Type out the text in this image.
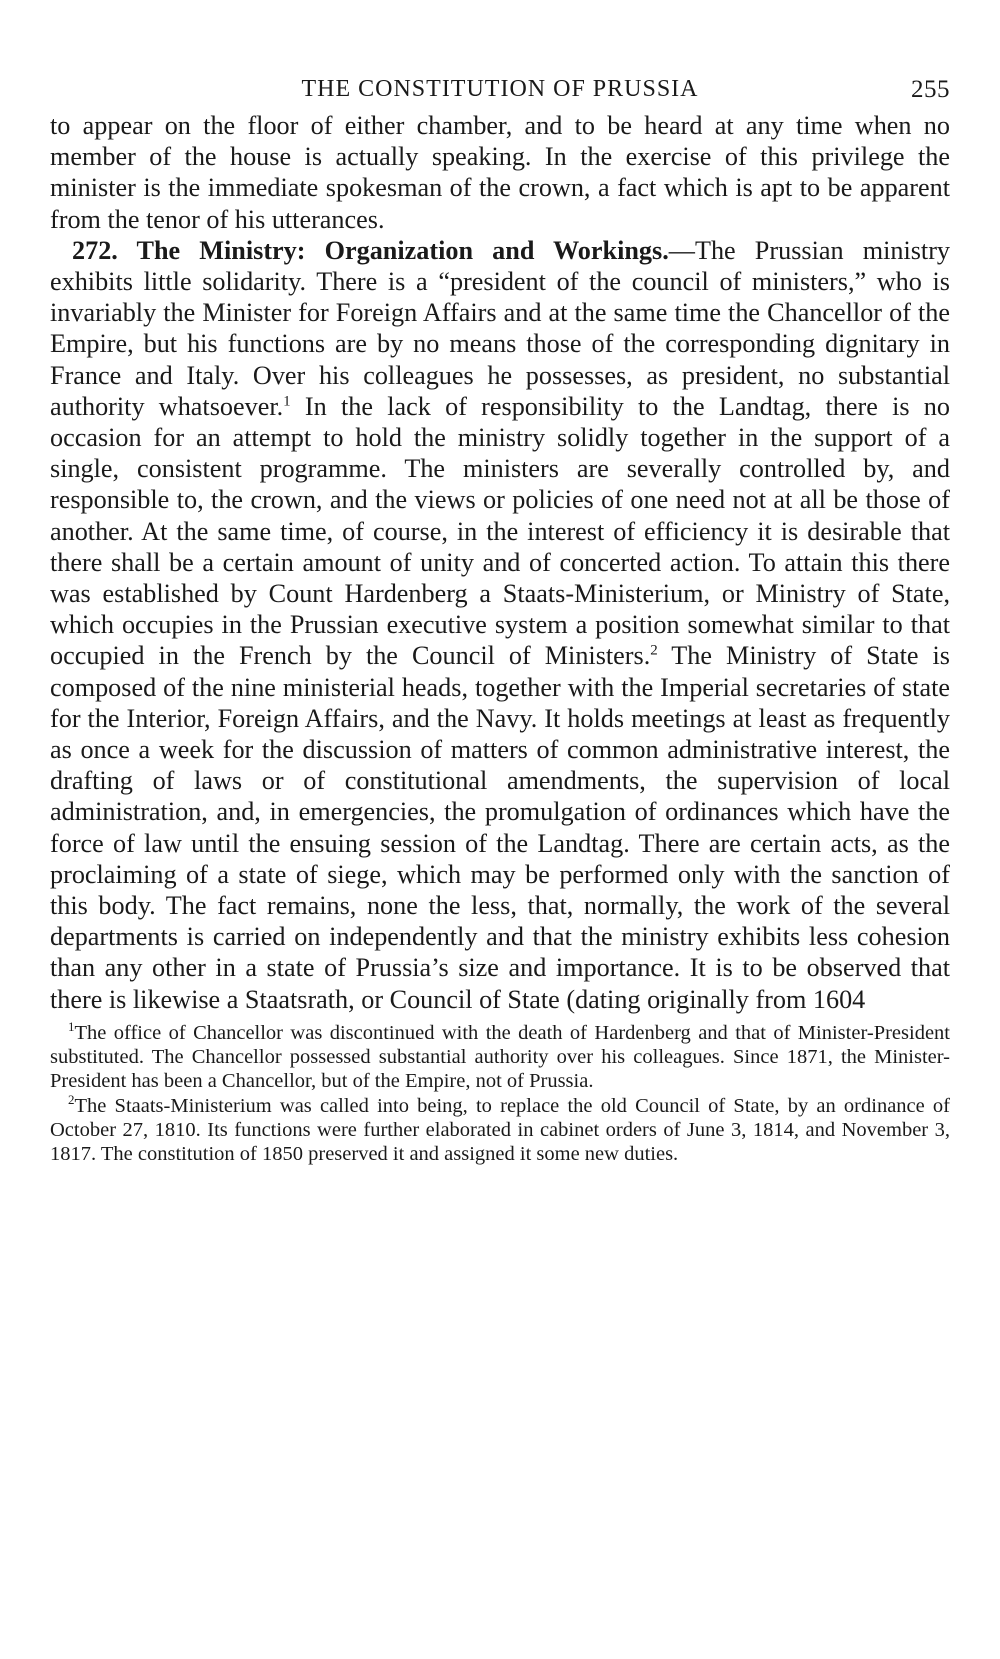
THE CONSTITUTION OF PRUSSIA	255

to appear on the floor of either chamber, and to be heard at any time when no member of the house is actually speaking. In the exercise of this privilege the minister is the immediate spokesman of the crown, a fact which is apt to be apparent from the tenor of his utterances.

272. The Ministry: Organization and Workings.—The Prussian ministry exhibits little solidarity. There is a “president of the council of ministers,” who is invariably the Minister for Foreign Affairs and at the same time the Chancellor of the Empire, but his functions are by no means those of the corresponding dignitary in France and Italy. Over his colleagues he possesses, as president, no substantial authority whatsoever.$^1$ In the lack of responsibility to the Landtag, there is no occasion for an attempt to hold the ministry solidly together in the support of a single, consistent programme. The ministers are severally controlled by, and responsible to, the crown, and the views or policies of one need not at all be those of another. At the same time, of course, in the interest of efficiency it is desirable that there shall be a certain amount of unity and of concerted action. To attain this there was established by Count Hardenberg a Staats-Ministerium, or Ministry of State, which occupies in the Prussian executive system a position somewhat similar to that occupied in the French by the Council of Ministers.$^2$ The Ministry of State is composed of the nine ministerial heads, together with the Imperial secretaries of state for the Interior, Foreign Affairs, and the Navy. It holds meetings at least as frequently as once a week for the discussion of matters of common administrative interest, the drafting of laws or of constitutional amendments, the supervision of local administration, and, in emergencies, the promulgation of ordinances which have the force of law until the ensuing session of the Landtag. There are certain acts, as the proclaiming of a state of siege, which may be performed only with the sanction of this body. The fact remains, none the less, that, normally, the work of the several departments is carried on independently and that the ministry exhibits less cohesion than any other in a state of Prussia’s size and importance. It is to be observed that there is likewise a Staatsrath, or Council of State (dating originally from 1604

$^1$The office of Chancellor was discontinued with the death of Hardenberg and that of Minister-President substituted. The Chancellor possessed substantial authority over his colleagues. Since 1871, the Minister-President has been a Chancellor, but of the Empire, not of Prussia.

$^2$The Staats-Ministerium was called into being, to replace the old Council of State, by an ordinance of October 27, 1810. Its functions were further elaborated in cabinet orders of June 3, 1814, and November 3, 1817. The constitution of 1850 preserved it and assigned it some new duties.
